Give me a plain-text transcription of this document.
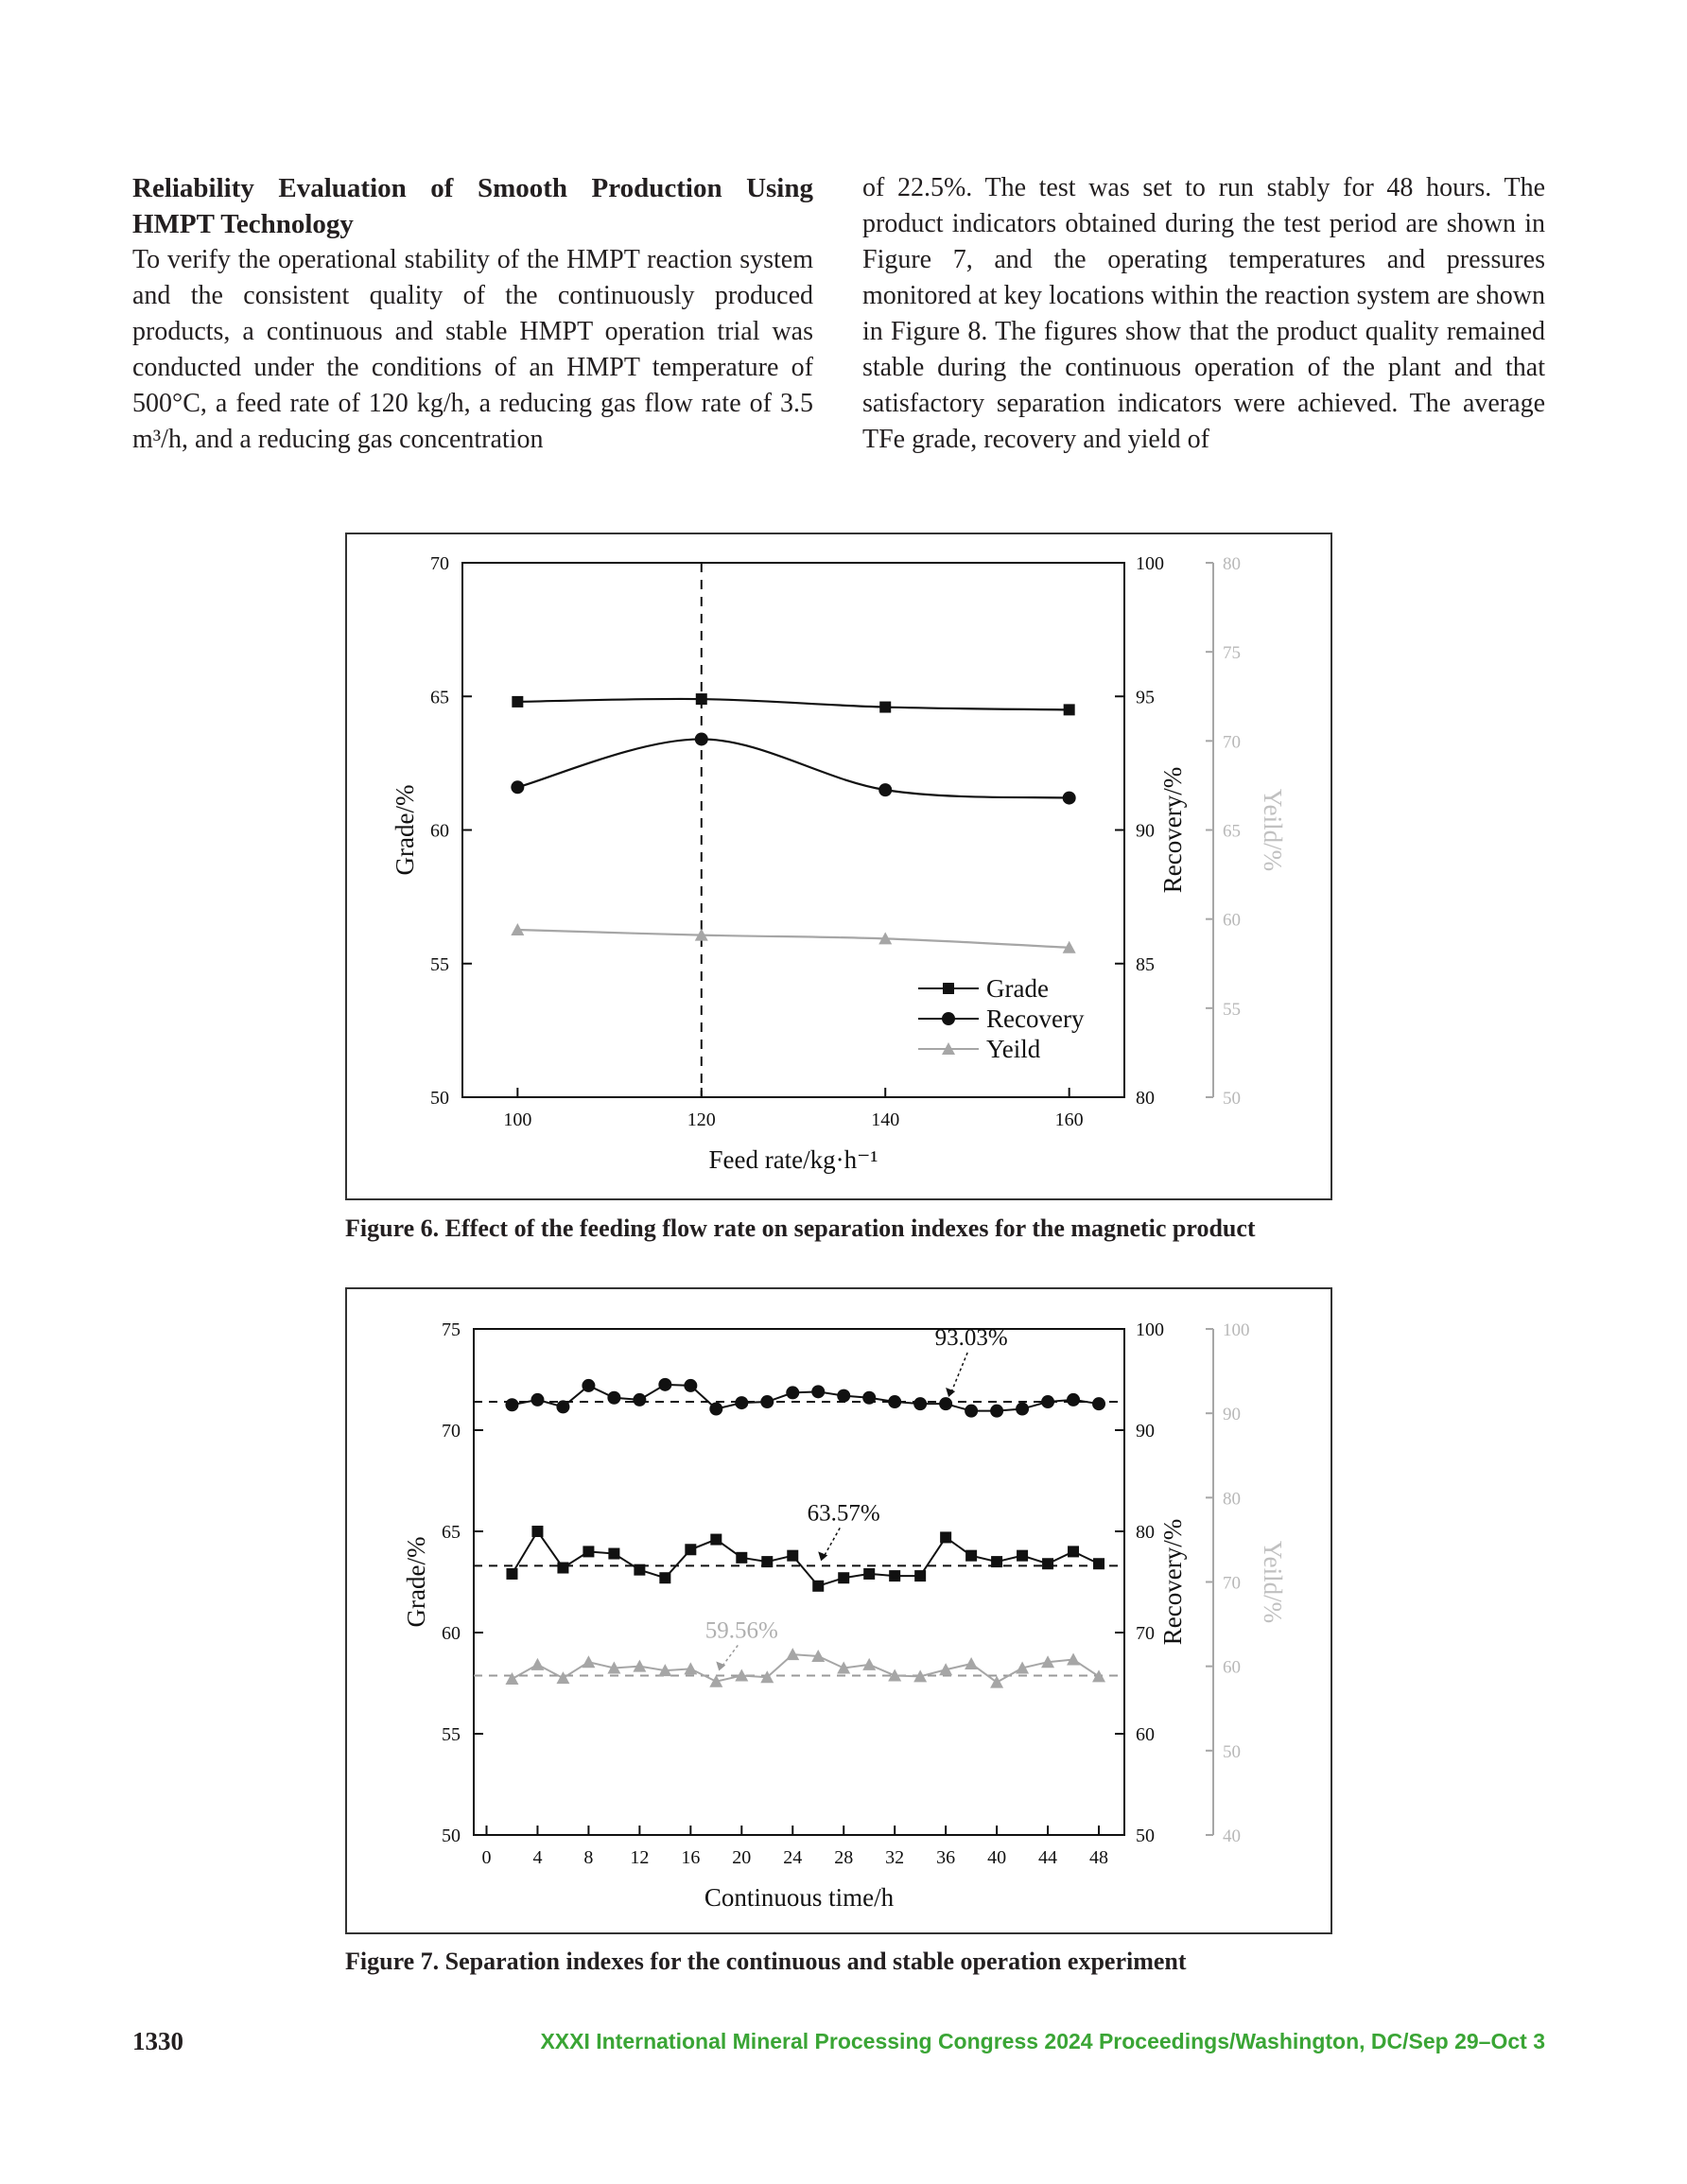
Reliability Evaluation of Smooth Production Using HMPT Technology

To verify the operational stability of the HMPT reaction system and the consistent quality of the continuously produced products, a continuous and stable HMPT operation trial was conducted under the conditions of an HMPT temperature of 500°C, a feed rate of 120 kg/h, a reducing gas flow rate of 3.5 m³/h, and a reducing gas concentration

of 22.5%. The test was set to run stably for 48 hours. The product indicators obtained during the test period are shown in Figure 7, and the operating temperatures and pressures monitored at key locations within the reaction system are shown in Figure 8. The figures show that the product quality remained stable during the continuous operation of the plant and that satisfactory separation indicators were achieved. The average TFe grade, recovery and yield of

50
55
60
65
70
80
85
90
95
100
50
55
60
65
70
75
80
100	120	140	160
Feed rate/kg·h⁻¹
Grade/%	Recovery/%	Yeild/%
Grade
Recovery
Yeild
Figure 6. Effect of the feeding flow rate on separation indexes for the magnetic product
50
55
60
65
70
75
50
60
70
80
90
100
40
50
60
70
80
90
100
0 4 8 12 16 20 24 28 32 36 40 44 48
Continuous time/h
Grade/%	Recovery/%	Yeild/%
93.03%
63.57%
59.56%
Figure 7. Separation indexes for the continuous and stable operation experiment
1330	XXXI International Mineral Processing Congress 2024 Proceedings/Washington, DC/Sep 29–Oct 3
